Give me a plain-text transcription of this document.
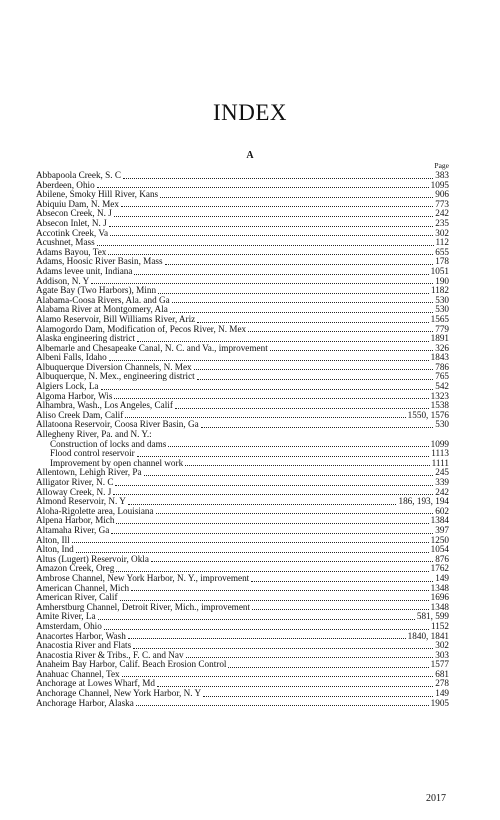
INDEX
A
Page
Abbapoola Creek, S. C	383
Aberdeen, Ohio	1095
Abilene, Smoky Hill River, Kans	906
Abiquiu Dam, N. Mex	773
Absecon Creek, N. J	242
Absecon Inlet, N. J	235
Accotink Creek, Va	302
Acushnet, Mass	112
Adams Bayou, Tex	655
Adams, Hoosic River Basin, Mass	178
Adams levee unit, Indiana	1051
Addison, N. Y	190
Agate Bay (Two Harbors), Minn	1182
Alabama-Coosa Rivers, Ala. and Ga	530
Alabama River at Montgomery, Ala	530
Alamo Reservoir, Bill Williams River, Ariz	1565
Alamogordo Dam, Modification of, Pecos River, N. Mex	779
Alaska engineering district	1891
Albemarle and Chesapeake Canal, N. C. and Va., improvement	326
Albeni Falls, Idaho	1843
Albuquerque Diversion Channels, N. Mex	786
Albuquerque, N. Mex., engineering district	765
Algiers Lock, La	542
Algoma Harbor, Wis	1323
Alhambra, Wash., Los Angeles, Calif	1538
Aliso Creek Dam, Calif	1550, 1576
Allatoona Reservoir, Coosa River Basin, Ga	530
Allegheny River, Pa. and N. Y.:
Construction of locks and dams	1099
Flood control reservoir	1113
Improvement by open channel work	1111
Allentown, Lehigh River, Pa	245
Alligator River, N. C	339
Alloway Creek, N. J	242
Almond Reservoir, N. Y	186, 193, 194
Aloha-Rigolette area, Louisiana	602
Alpena Harbor, Mich	1384
Altamaha River, Ga	397
Alton, Ill	1250
Alton, Ind	1054
Altus (Lugert) Reservoir, Okla	876
Amazon Creek, Oreg	1762
Ambrose Channel, New York Harbor, N. Y., improvement	149
American Channel, Mich	1348
American River, Calif	1696
Amherstburg Channel, Detroit River, Mich., improvement	1348
Amite River, La	581, 599
Amsterdam, Ohio	1152
Anacortes Harbor, Wash	1840, 1841
Anacostia River and Flats	302
Anacostia River & Tribs., F. C. and Nav	303
Anaheim Bay Harbor, Calif. Beach Erosion Control	1577
Anahuac Channel, Tex	681
Anchorage at Lowes Wharf, Md	278
Anchorage Channel, New York Harbor, N. Y	149
Anchorage Harbor, Alaska	1905
2017
